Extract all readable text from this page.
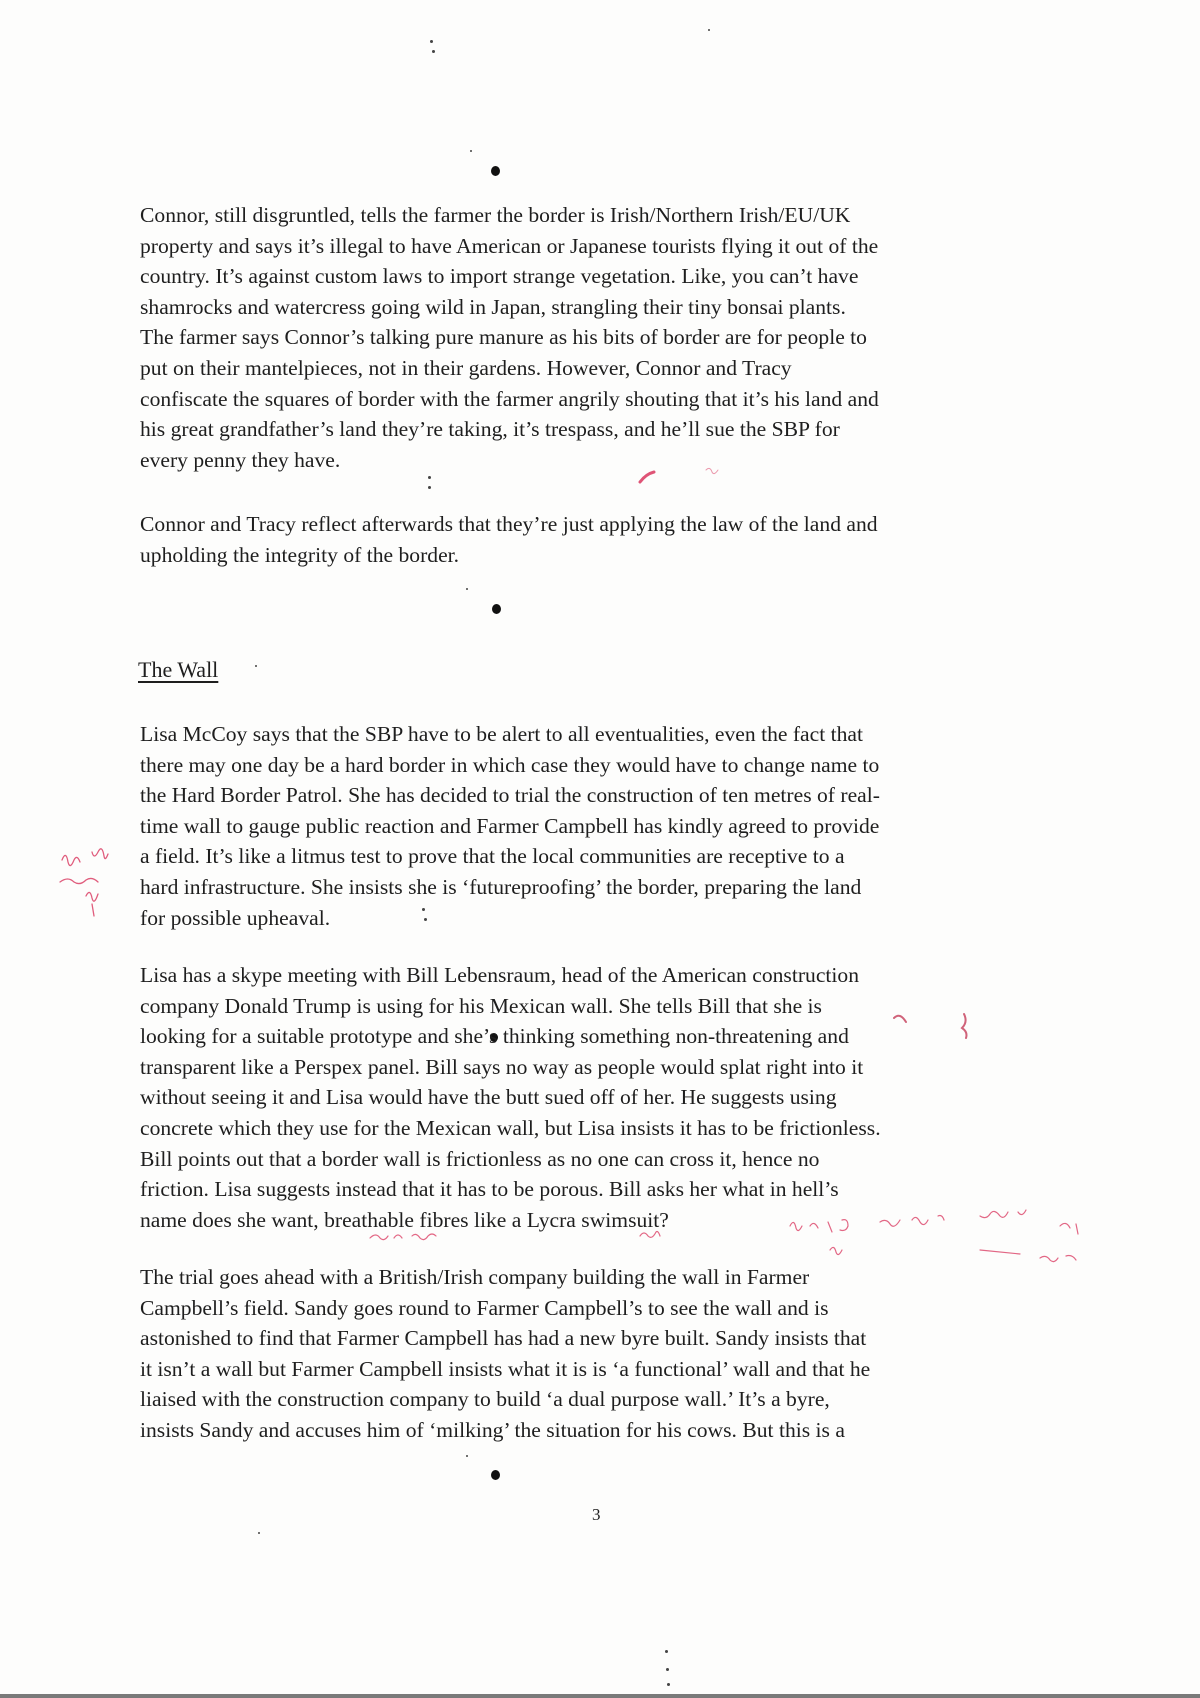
Connor, still disgruntled, tells the farmer the border is Irish/Northern Irish/EU/UK
property and says it’s illegal to have American or Japanese tourists flying it out of the
country. It’s against custom laws to import strange vegetation. Like, you can’t have
shamrocks and watercress going wild in Japan, strangling their tiny bonsai plants.
The farmer says Connor’s talking pure manure as his bits of border are for people to
put on their mantelpieces, not in their gardens. However, Connor and Tracy
confiscate the squares of border with the farmer angrily shouting that it’s his land and
his great grandfather’s land they’re taking, it’s trespass, and he’ll sue the SBP for
every penny they have.

Connor and Tracy reflect afterwards that they’re just applying the law of the land and
upholding the integrity of the border.

The Wall

Lisa McCoy says that the SBP have to be alert to all eventualities, even the fact that
there may one day be a hard border in which case they would have to change name to
the Hard Border Patrol. She has decided to trial the construction of ten metres of real-
time wall to gauge public reaction and Farmer Campbell has kindly agreed to provide
a field. It’s like a litmus test to prove that the local communities are receptive to a
hard infrastructure. She insists she is ‘futureproofing’ the border, preparing the land
for possible upheaval.

Lisa has a skype meeting with Bill Lebensraum, head of the American construction
company Donald Trump is using for his Mexican wall. She tells Bill that she is
looking for a suitable prototype and she’s thinking something non-threatening and
transparent like a Perspex panel. Bill says no way as people would splat right into it
without seeing it and Lisa would have the butt sued off of her. He suggests using
concrete which they use for the Mexican wall, but Lisa insists it has to be frictionless.
Bill points out that a border wall is frictionless as no one can cross it, hence no
friction. Lisa suggests instead that it has to be porous. Bill asks her what in hell’s
name does she want, breathable fibres like a Lycra swimsuit?

The trial goes ahead with a British/Irish company building the wall in Farmer
Campbell’s field. Sandy goes round to Farmer Campbell’s to see the wall and is
astonished to find that Farmer Campbell has had a new byre built. Sandy insists that
it isn’t a wall but Farmer Campbell insists what it is is ‘a functional’ wall and that he
liaised with the construction company to build ‘a dual purpose wall.’ It’s a byre,
insists Sandy and accuses him of ‘milking’ the situation for his cows. But this is a

3
